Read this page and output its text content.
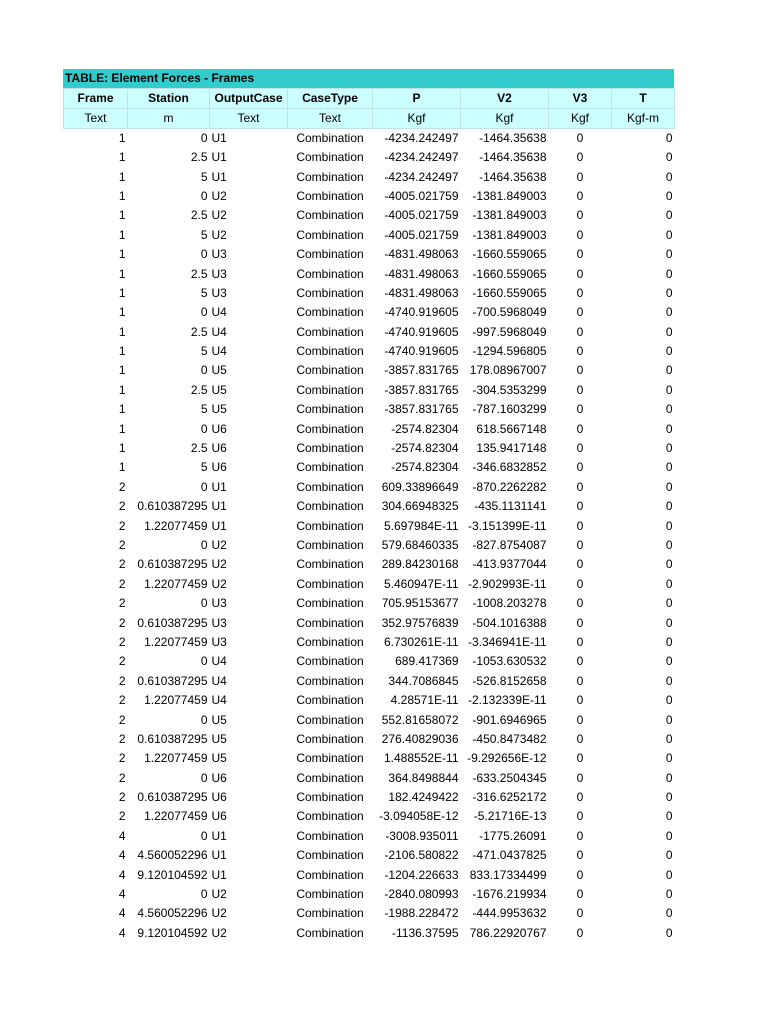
TABLE: Element Forces - Frames
Frame	Station	OutputCase	CaseType	P	V2	V3	T
Text	m	Text	Text	Kgf	Kgf	Kgf	Kgf-m
1	0	U1	Combination	-4234.242497	-1464.35638	0	0
1	2.5	U1	Combination	-4234.242497	-1464.35638	0	0
1	5	U1	Combination	-4234.242497	-1464.35638	0	0
1	0	U2	Combination	-4005.021759	-1381.849003	0	0
1	2.5	U2	Combination	-4005.021759	-1381.849003	0	0
1	5	U2	Combination	-4005.021759	-1381.849003	0	0
1	0	U3	Combination	-4831.498063	-1660.559065	0	0
1	2.5	U3	Combination	-4831.498063	-1660.559065	0	0
1	5	U3	Combination	-4831.498063	-1660.559065	0	0
1	0	U4	Combination	-4740.919605	-700.5968049	0	0
1	2.5	U4	Combination	-4740.919605	-997.5968049	0	0
1	5	U4	Combination	-4740.919605	-1294.596805	0	0
1	0	U5	Combination	-3857.831765	178.08967007	0	0
1	2.5	U5	Combination	-3857.831765	-304.5353299	0	0
1	5	U5	Combination	-3857.831765	-787.1603299	0	0
1	0	U6	Combination	-2574.82304	618.5667148	0	0
1	2.5	U6	Combination	-2574.82304	135.9417148	0	0
1	5	U6	Combination	-2574.82304	-346.6832852	0	0
2	0	U1	Combination	609.33896649	-870.2262282	0	0
2	0.610387295	U1	Combination	304.66948325	-435.1131141	0	0
2	1.22077459	U1	Combination	5.697984E-11	-3.151399E-11	0	0
2	0	U2	Combination	579.68460335	-827.8754087	0	0
2	0.610387295	U2	Combination	289.84230168	-413.9377044	0	0
2	1.22077459	U2	Combination	5.460947E-11	-2.902993E-11	0	0
2	0	U3	Combination	705.95153677	-1008.203278	0	0
2	0.610387295	U3	Combination	352.97576839	-504.1016388	0	0
2	1.22077459	U3	Combination	6.730261E-11	-3.346941E-11	0	0
2	0	U4	Combination	689.417369	-1053.630532	0	0
2	0.610387295	U4	Combination	344.7086845	-526.8152658	0	0
2	1.22077459	U4	Combination	4.28571E-11	-2.132339E-11	0	0
2	0	U5	Combination	552.81658072	-901.6946965	0	0
2	0.610387295	U5	Combination	276.40829036	-450.8473482	0	0
2	1.22077459	U5	Combination	1.488552E-11	-9.292656E-12	0	0
2	0	U6	Combination	364.8498844	-633.2504345	0	0
2	0.610387295	U6	Combination	182.4249422	-316.6252172	0	0
2	1.22077459	U6	Combination	-3.094058E-12	-5.21716E-13	0	0
4	0	U1	Combination	-3008.935011	-1775.26091	0	0
4	4.560052296	U1	Combination	-2106.580822	-471.0437825	0	0
4	9.120104592	U1	Combination	-1204.226633	833.17334499	0	0
4	0	U2	Combination	-2840.080993	-1676.219934	0	0
4	4.560052296	U2	Combination	-1988.228472	-444.9953632	0	0
4	9.120104592	U2	Combination	-1136.37595	786.22920767	0	0
